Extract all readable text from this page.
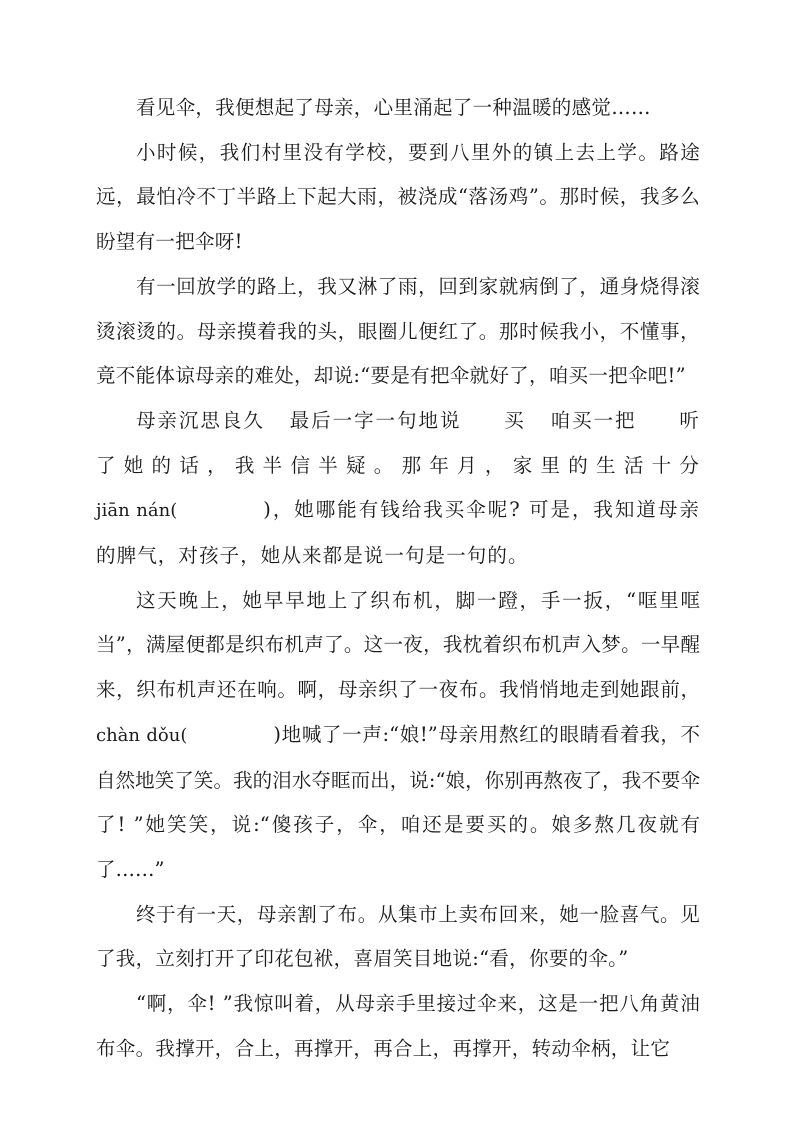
看见伞，我便想起了母亲，心里涌起了一种温暖的感觉……

小时候，我们村里没有学校，要到八里外的镇上去上学。路途远，最怕冷不丁半路上下起大雨，被浇成“落汤鸡”。那时候，我多么盼望有一把伞呀!

有一回放学的路上，我又淋了雨，回到家就病倒了，通身烧得滚烫滚烫的。母亲摸着我的头，眼圈儿便红了。那时候我小，不懂事，竟不能体谅母亲的难处，却说:“要是有把伞就好了，咱买一把伞吧!”

母亲沉思良久 最后一字一句地说 买 咱买一把 听了她的话，我半信半疑。那年月，家里的生活十分jiān nán(	)，她哪能有钱给我买伞呢? 可是，我知道母亲的脾气，对孩子，她从来都是说一句是一句的。

这天晚上，她早早地上了织布机，脚一蹬，手一扳，“哐里哐当”，满屋便都是织布机声了。这一夜，我枕着织布机声入梦。一早醒来，织布机声还在响。啊，母亲织了一夜布。我悄悄地走到她跟前，chàn dǒu(	)地喊了一声:“娘!”母亲用熬红的眼睛看着我，不自然地笑了笑。我的泪水夺眶而出，说:“娘，你别再熬夜了，我不要伞了! ”她笑笑，说:“傻孩子，伞，咱还是要买的。娘多熬几夜就有了……”

终于有一天，母亲割了布。从集市上卖布回来，她一脸喜气。见了我，立刻打开了印花包袱，喜眉笑目地说:“看，你要的伞。”

“啊，伞! ”我惊叫着，从母亲手里接过伞来，这是一把八角黄油布伞。我撑开，合上，再撑开，再合上，再撑开，转动伞柄，让它
